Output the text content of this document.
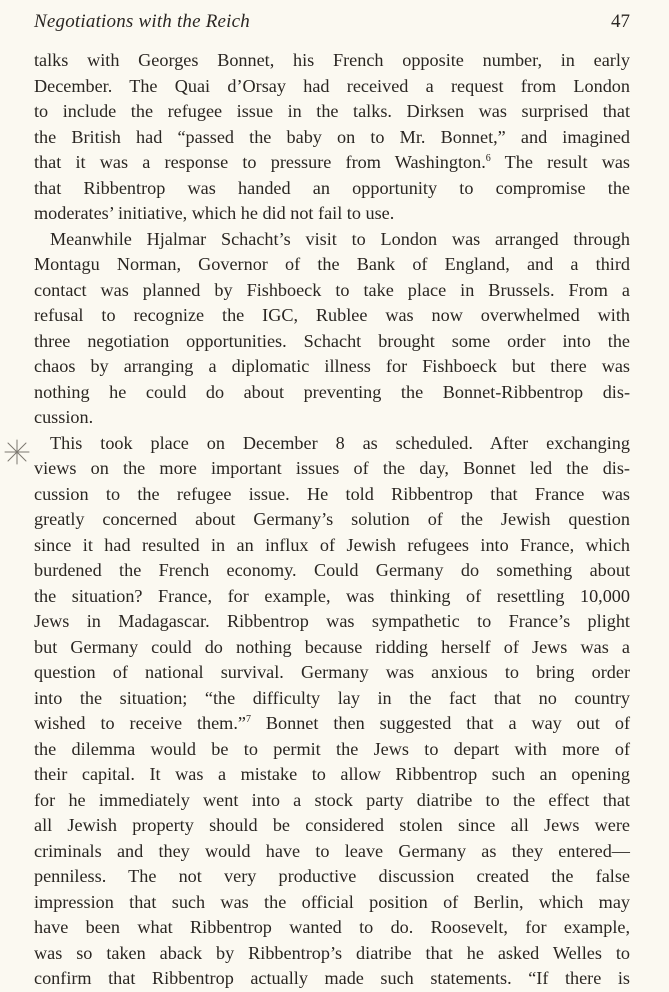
Negotiations with the Reich	47
talks with Georges Bonnet, his French opposite number, in early
December. The Quai d’Orsay had received a request from London
to include the refugee issue in the talks. Dirksen was surprised that
the British had “passed the baby on to Mr. Bonnet,” and imagined
that it was a response to pressure from Washington.$^6$ The result was
that Ribbentrop was handed an opportunity to compromise the
moderates’ initiative, which he did not fail to use.
Meanwhile Hjalmar Schacht’s visit to London was arranged through
Montagu Norman, Governor of the Bank of England, and a third
contact was planned by Fishboeck to take place in Brussels. From a
refusal to recognize the IGC, Rublee was now overwhelmed with
three negotiation opportunities. Schacht brought some order into the
chaos by arranging a diplomatic illness for Fishboeck but there was
nothing he could do about preventing the Bonnet-Ribbentrop dis-
cussion.
This took place on December 8 as scheduled. After exchanging
views on the more important issues of the day, Bonnet led the dis-
cussion to the refugee issue. He told Ribbentrop that France was
greatly concerned about Germany’s solution of the Jewish question
since it had resulted in an influx of Jewish refugees into France, which
burdened the French economy. Could Germany do something about
the situation? France, for example, was thinking of resettling 10,000
Jews in Madagascar. Ribbentrop was sympathetic to France’s plight
but Germany could do nothing because ridding herself of Jews was a
question of national survival. Germany was anxious to bring order
into the situation; “the difficulty lay in the fact that no country
wished to receive them.”$^7$ Bonnet then suggested that a way out of
the dilemma would be to permit the Jews to depart with more of
their capital. It was a mistake to allow Ribbentrop such an opening
for he immediately went into a stock party diatribe to the effect that
all Jewish property should be considered stolen since all Jews were
criminals and they would have to leave Germany as they entered—
penniless. The not very productive discussion created the false
impression that such was the official position of Berlin, which may
have been what Ribbentrop wanted to do. Roosevelt, for example,
was so taken aback by Ribbentrop’s diatribe that he asked Welles to
confirm that Ribbentrop actually made such statements. “If there is
